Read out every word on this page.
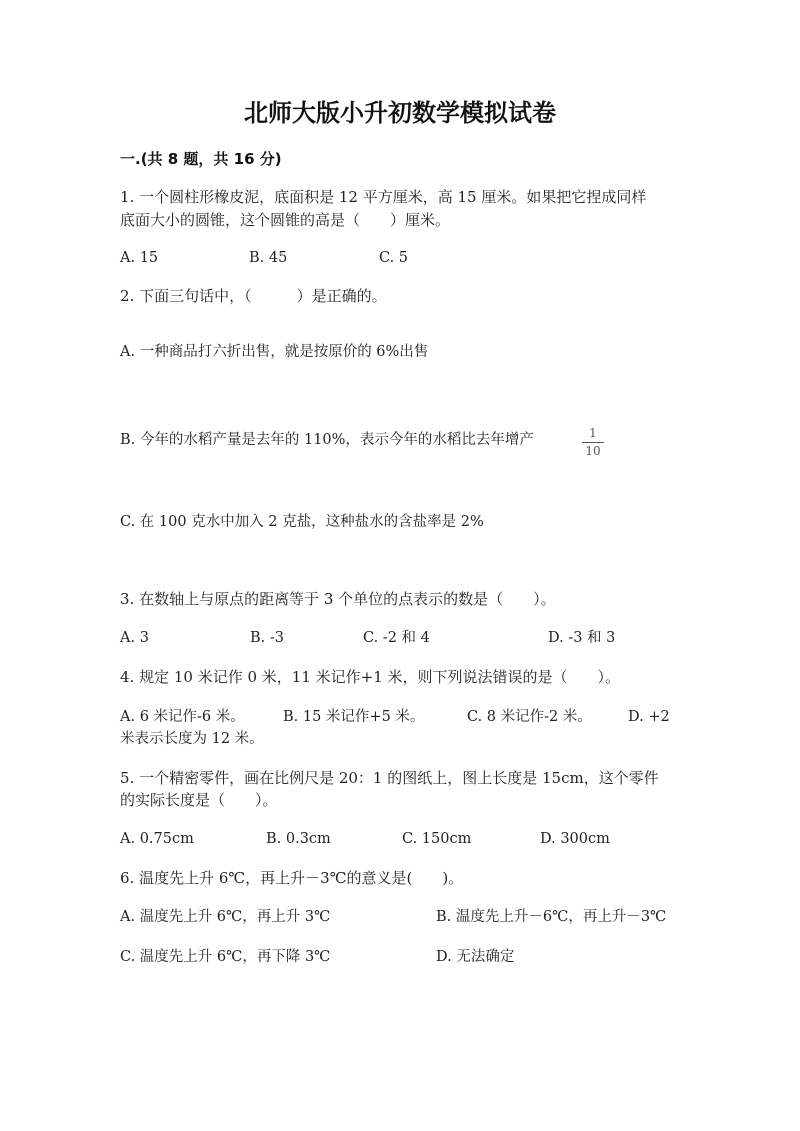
北师大版小升初数学模拟试卷
一.(共 8 题，共 16 分)
1. 一个圆柱形橡皮泥，底面积是 12 平方厘米，高 15 厘米。如果把它捏成同样
底面大小的圆锥，这个圆锥的高是（　　）厘米。
A. 15	B. 45	C. 5
2. 下面三句话中，（　　　）是正确的。
A. 一种商品打六折出售，就是按原价的 6%出售
B. 今年的水稻产量是去年的 110%，表示今年的水稻比去年增产	1
10
C. 在 100 克水中加入 2 克盐，这种盐水的含盐率是 2%
3. 在数轴上与原点的距离等于 3 个单位的点表示的数是（　　）。
A. 3	B. -3	C. -2 和 4	D. -3 和 3
4. 规定 10 米记作 0 米，11 米记作+1 米，则下列说法错误的是（　　）。
A. 6 米记作-6 米。	B. 15 米记作+5 米。	C. 8 米记作-2 米。 D. +2
米表示长度为 12 米。
5. 一个精密零件，画在比例尺是 20：1 的图纸上，图上长度是 15cm，这个零件
的实际长度是（　　）。
A. 0.75cm	B. 0.3cm	C. 150cm	D. 300cm
6. 温度先上升 6℃，再上升－3℃的意义是(　　)。
A. 温度先上升 6℃，再上升 3℃	B. 温度先上升－6℃，再上升－3℃
C. 温度先上升 6℃，再下降 3℃	D. 无法确定
